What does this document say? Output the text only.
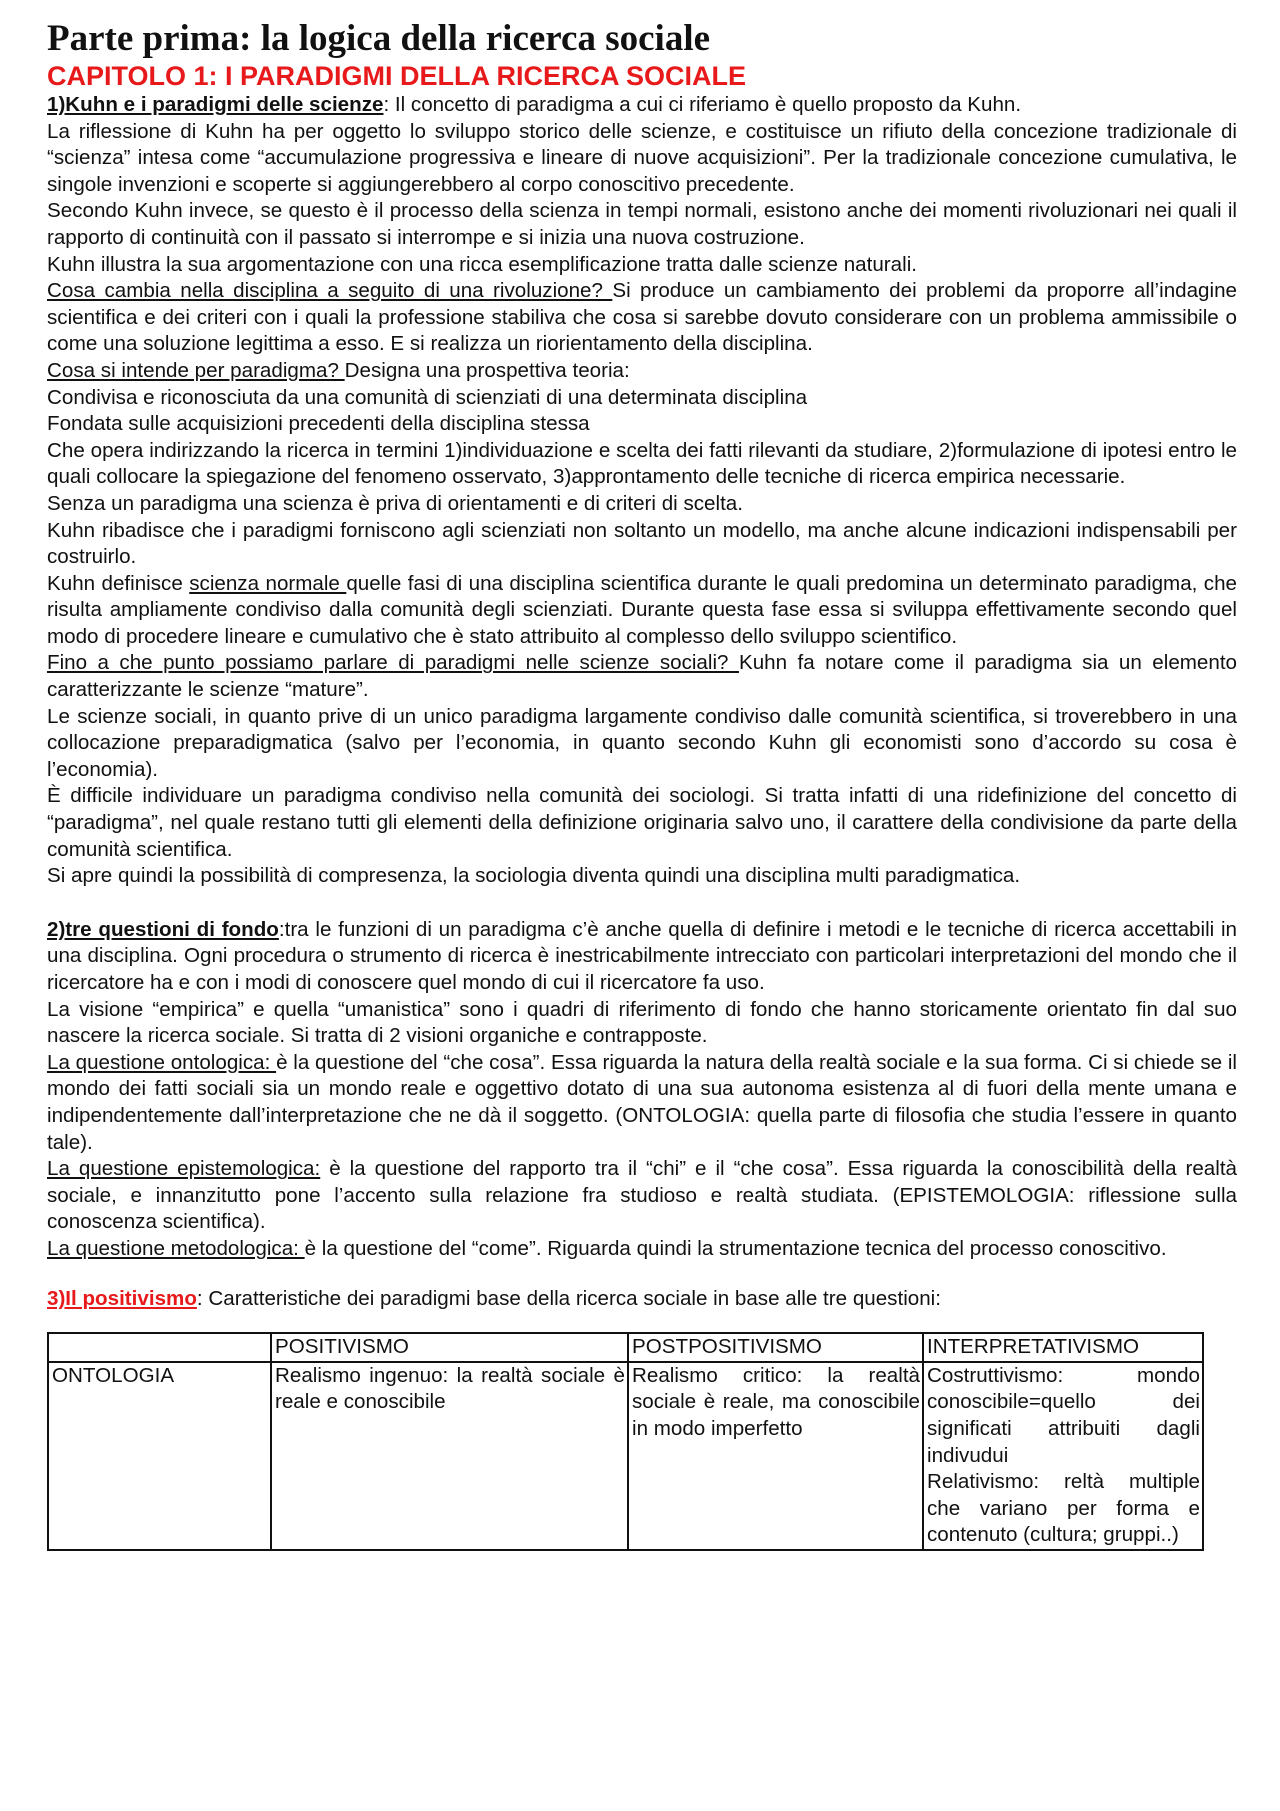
Parte prima: la logica della ricerca sociale
CAPITOLO 1: I PARADIGMI DELLA RICERCA SOCIALE

1)Kuhn e i paradigmi delle scienze: Il concetto di paradigma a cui ci riferiamo è quello proposto da Kuhn.

La riflessione di Kuhn ha per oggetto lo sviluppo storico delle scienze, e costituisce un rifiuto della concezione tradizionale di “scienza” intesa come “accumulazione progressiva e lineare di nuove acquisizioni”. Per la tradizionale concezione cumulativa, le singole invenzioni e scoperte si aggiungerebbero al corpo conoscitivo precedente.

Secondo Kuhn invece, se questo è il processo della scienza in tempi normali, esistono anche dei momenti rivoluzionari nei quali il rapporto di continuità con il passato si interrompe e si inizia una nuova costruzione.

Kuhn illustra la sua argomentazione con una ricca esemplificazione tratta dalle scienze naturali.

Cosa cambia nella disciplina a seguito di una rivoluzione? Si produce un cambiamento dei problemi da proporre all’indagine scientifica e dei criteri con i quali la professione stabiliva che cosa si sarebbe dovuto considerare con un problema ammissibile o come una soluzione legittima a esso. E si realizza un riorientamento della disciplina.

Cosa si intende per paradigma? Designa una prospettiva teoria:

Condivisa e riconosciuta da una comunità di scienziati di una determinata disciplina

Fondata sulle acquisizioni precedenti della disciplina stessa

Che opera indirizzando la ricerca in termini 1)individuazione e scelta dei fatti rilevanti da studiare, 2)formulazione di ipotesi entro le quali collocare la spiegazione del fenomeno osservato, 3)approntamento delle tecniche di ricerca empirica necessarie.

Senza un paradigma una scienza è priva di orientamenti e di criteri di scelta.

Kuhn ribadisce che i paradigmi forniscono agli scienziati non soltanto un modello, ma anche alcune indicazioni indispensabili per costruirlo.

Kuhn definisce scienza normale quelle fasi di una disciplina scientifica durante le quali predomina un determinato paradigma, che risulta ampliamente condiviso dalla comunità degli scienziati. Durante questa fase essa si sviluppa effettivamente secondo quel modo di procedere lineare e cumulativo che è stato attribuito al complesso dello sviluppo scientifico.

Fino a che punto possiamo parlare di paradigmi nelle scienze sociali? Kuhn fa notare come il paradigma sia un elemento caratterizzante le scienze “mature”.

Le scienze sociali, in quanto prive di un unico paradigma largamente condiviso dalle comunità scientifica, si troverebbero in una collocazione preparadigmatica (salvo per l’economia, in quanto secondo Kuhn gli economisti sono d’accordo su cosa è l’economia).

È difficile individuare un paradigma condiviso nella comunità dei sociologi. Si tratta infatti di una ridefinizione del concetto di “paradigma”, nel quale restano tutti gli elementi della definizione originaria salvo uno, il carattere della condivisione da parte della comunità scientifica.

Si apre quindi la possibilità di compresenza, la sociologia diventa quindi una disciplina multi paradigmatica.

2)tre questioni di fondo:tra le funzioni di un paradigma c’è anche quella di definire i metodi e le tecniche di ricerca accettabili in una disciplina. Ogni procedura o strumento di ricerca è inestricabilmente intrecciato con particolari interpretazioni del mondo che il ricercatore ha e con i modi di conoscere quel mondo di cui il ricercatore fa uso.

La visione “empirica” e quella “umanistica” sono i quadri di riferimento di fondo che hanno storicamente orientato fin dal suo nascere la ricerca sociale. Si tratta di 2 visioni organiche e contrapposte.

La questione ontologica: è la questione del “che cosa”. Essa riguarda la natura della realtà sociale e la sua forma. Ci si chiede se il mondo dei fatti sociali sia un mondo reale e oggettivo dotato di una sua autonoma esistenza al di fuori della mente umana e indipendentemente dall’interpretazione che ne dà il soggetto. (ONTOLOGIA: quella parte di filosofia che studia l’essere in quanto tale).

La questione epistemologica: è la questione del rapporto tra il “chi” e il “che cosa”. Essa riguarda la conoscibilità della realtà sociale, e innanzitutto pone l’accento sulla relazione fra studioso e realtà studiata. (EPISTEMOLOGIA: riflessione sulla conoscenza scientifica).

La questione metodologica: è la questione del “come”. Riguarda quindi la strumentazione tecnica del processo conoscitivo.

3)Il positivismo: Caratteristiche dei paradigmi base della ricerca sociale in base alle tre questioni:

	POSITIVISMO	POSTPOSITIVISMO	INTERPRETATIVISMO
ONTOLOGIA	Realismo ingenuo: la realtà sociale è reale e conoscibile	Realismo critico: la realtà sociale è reale, ma conoscibile in modo imperfetto	Costruttivismo: mondo conoscibile=quello dei significati attribuiti dagli indivudui
Relativismo: reltà multiple che variano per forma e contenuto (cultura; gruppi..)
